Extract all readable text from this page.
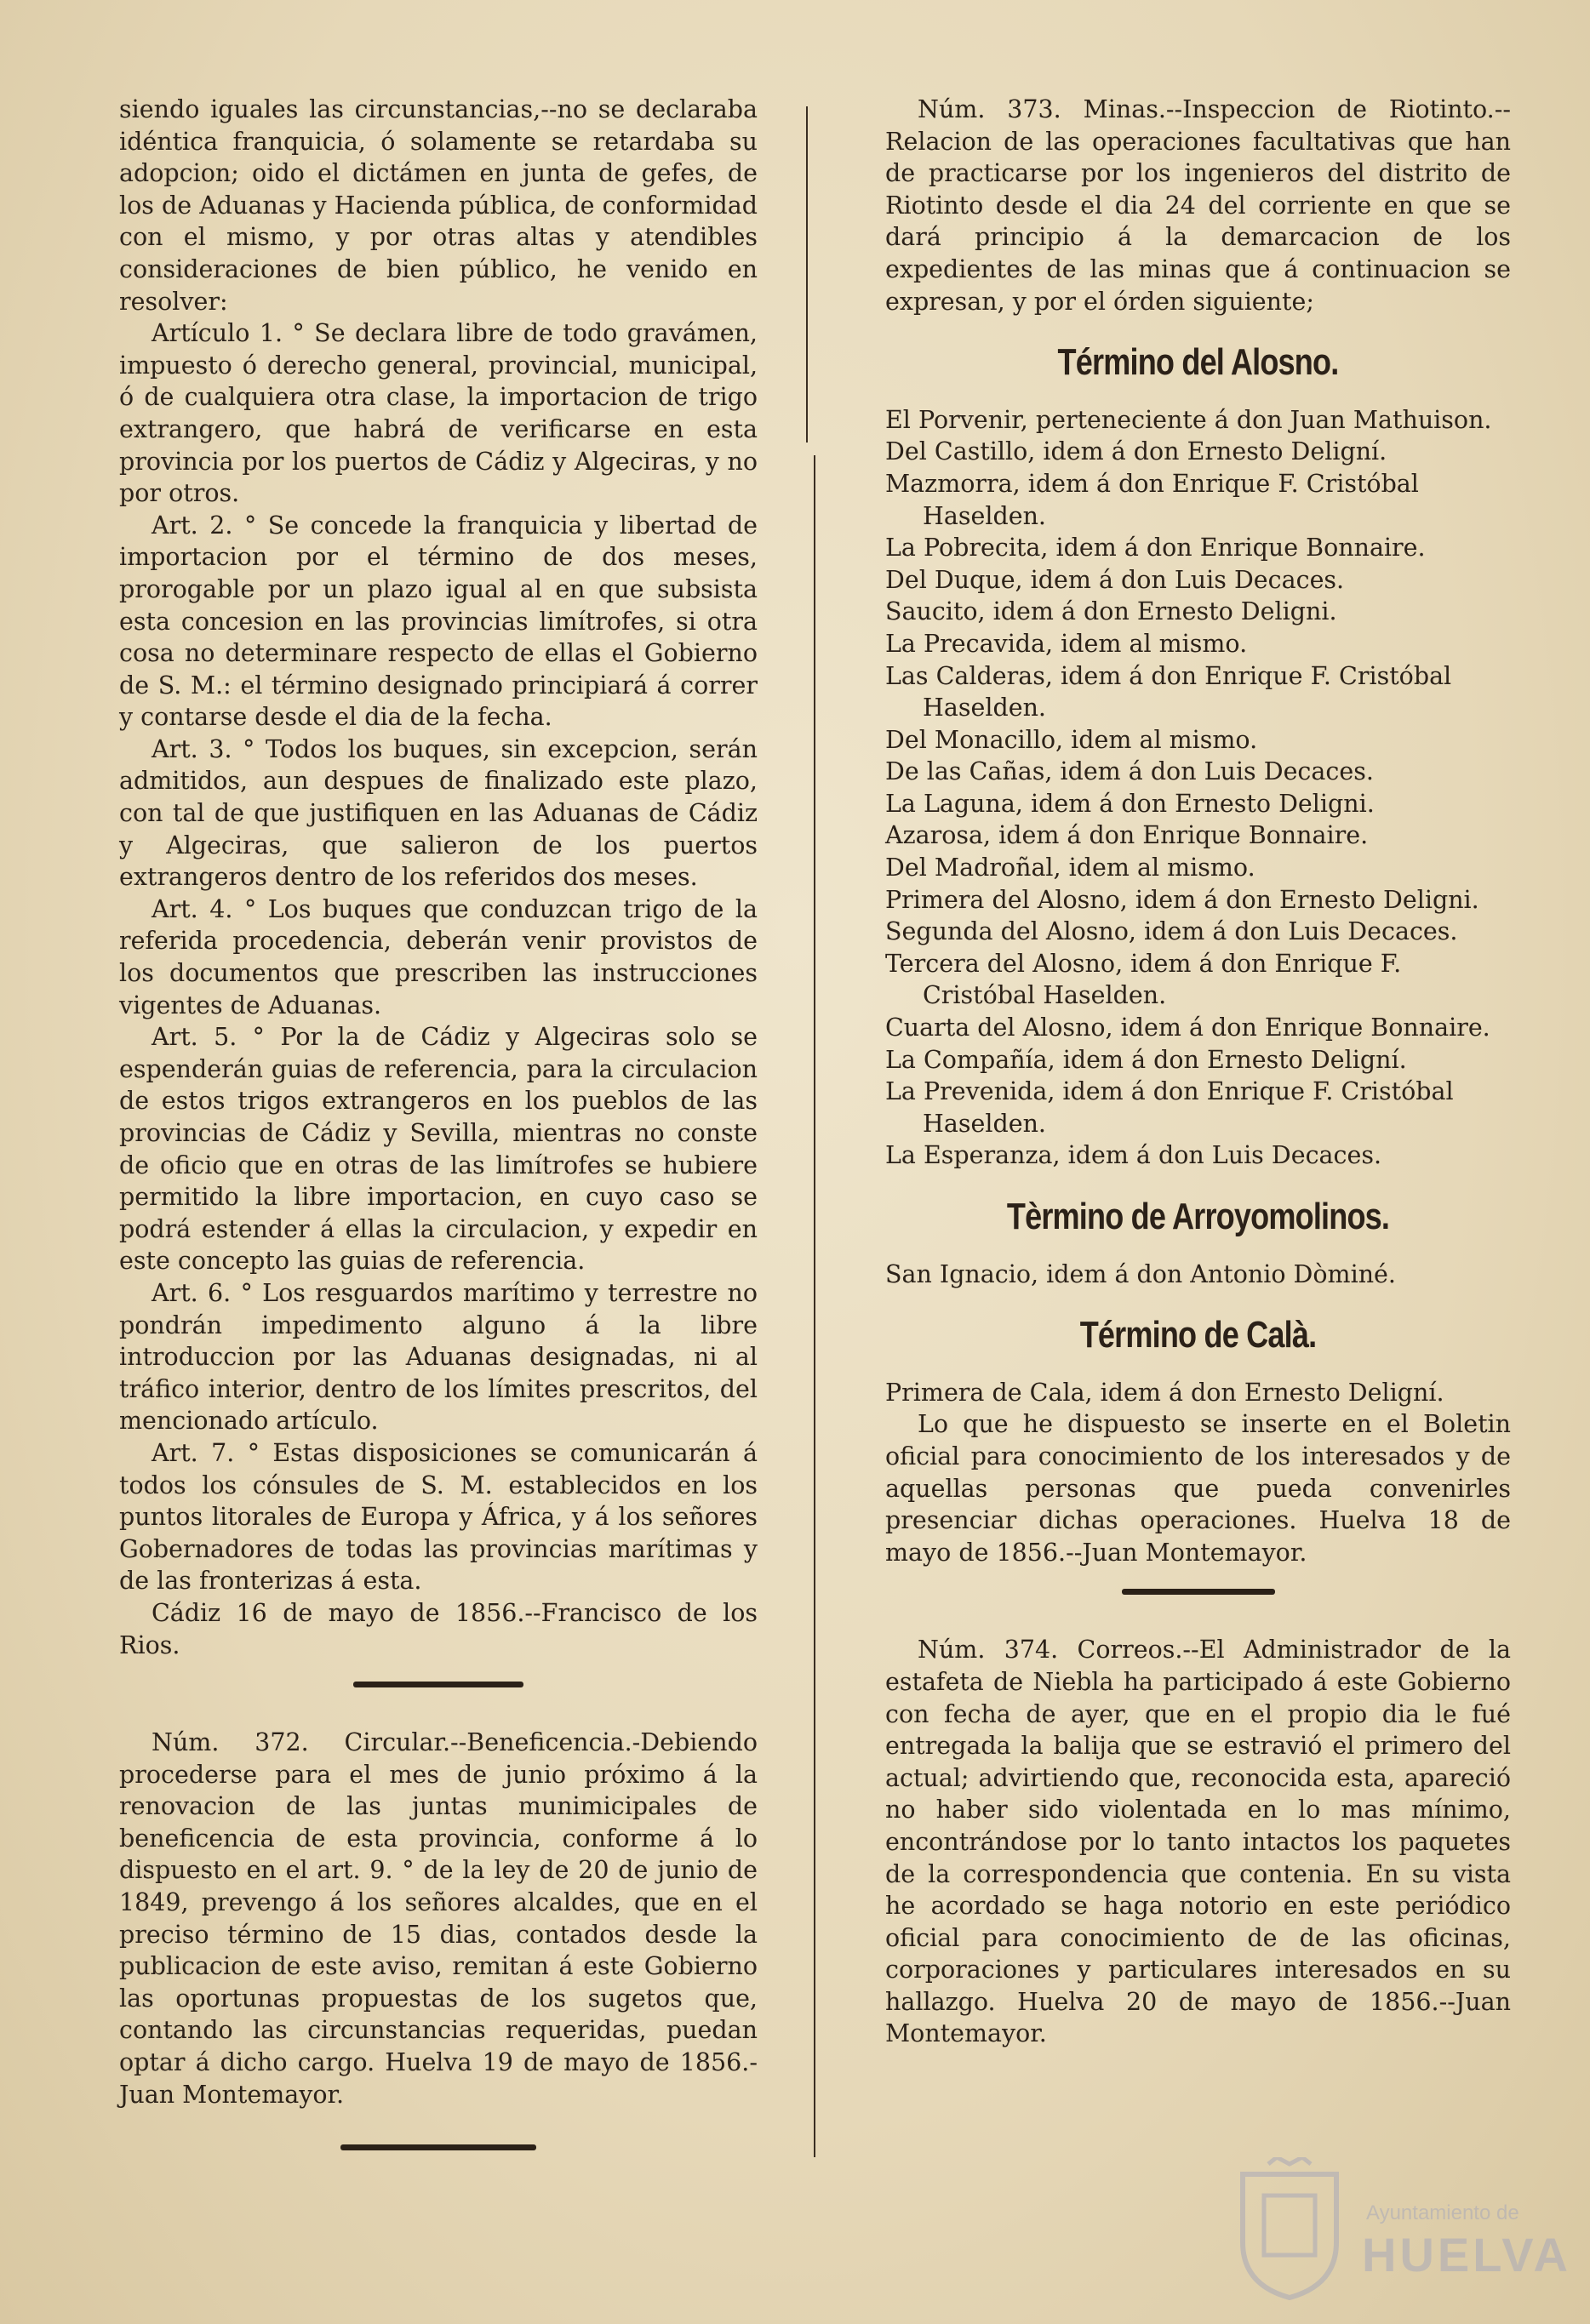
siendo iguales las circunstancias,--no se declaraba idéntica franquicia, ó solamente se retardaba su adopcion; oido el dictámen en junta de gefes, de los de Aduanas y Hacienda pública, de conformidad con el mismo, y por otras altas y atendibles consideraciones de bien público, he venido en resolver:

Artículo 1. ° Se declara libre de todo gravámen, impuesto ó derecho general, provincial, municipal, ó de cualquiera otra clase, la importacion de trigo extrangero, que habrá de verificarse en esta provincia por los puertos de Cádiz y Algeciras, y no por otros.

Art. 2. ° Se concede la franquicia y libertad de importacion por el término de dos meses, prorogable por un plazo igual al en que subsista esta concesion en las provincias limítrofes, si otra cosa no determinare respecto de ellas el Gobierno de S. M.: el término designado principiará á correr y contarse desde el dia de la fecha.

Art. 3. ° Todos los buques, sin excepcion, serán admitidos, aun despues de finalizado este plazo, con tal de que justifiquen en las Aduanas de Cádiz y Algeciras, que salieron de los puertos extrangeros dentro de los referidos dos meses.

Art. 4. ° Los buques que conduzcan trigo de la referida procedencia, deberán venir provistos de los documentos que prescriben las instrucciones vigentes de Aduanas.

Art. 5. ° Por la de Cádiz y Algeciras solo se espenderán guias de referencia, para la circulacion de estos trigos extrangeros en los pueblos de las provincias de Cádiz y Sevilla, mientras no conste de oficio que en otras de las limítrofes se hubiere permitido la libre importacion, en cuyo caso se podrá estender á ellas la circulacion, y expedir en este concepto las guias de referencia.

Art. 6. ° Los resguardos marítimo y terrestre no pondrán impedimento alguno á la libre introduccion por las Aduanas designadas, ni al tráfico interior, dentro de los límites prescritos, del mencionado artículo.

Art. 7. ° Estas disposiciones se comunicarán á todos los cónsules de S. M. establecidos en los puntos litorales de Europa y África, y á los señores Gobernadores de todas las provincias marítimas y de las fronterizas á esta.

Cádiz 16 de mayo de 1856.--Francisco de los Rios.

Núm. 372. Circular.--Beneficencia.-Debiendo procederse para el mes de junio próximo á la renovacion de las juntas munimicipales de beneficencia de esta provincia, conforme á lo dispuesto en el art. 9. ° de la ley de 20 de junio de 1849, prevengo á los señores alcaldes, que en el preciso término de 15 dias, contados desde la publicacion de este aviso, remitan á este Gobierno las oportunas propuestas de los sugetos que, contando las circunstancias requeridas, puedan optar á dicho cargo. Huelva 19 de mayo de 1856.-Juan Montemayor.

Núm. 373. Minas.--Inspeccion de Riotinto.--Relacion de las operaciones facultativas que han de practicarse por los ingenieros del distrito de Riotinto desde el dia 24 del corriente en que se dará principio á la demarcacion de los expedientes de las minas que á continuacion se expresan, y por el órden siguiente;

Término del Alosno.

El Porvenir, perteneciente á don Juan Mathuison.

Del Castillo, idem á don Ernesto Deligní.

Mazmorra, idem á don Enrique F. Cristóbal Haselden.

La Pobrecita, idem á don Enrique Bonnaire.

Del Duque, idem á don Luis Decaces.

Saucito, idem á don Ernesto Deligni.

La Precavida, idem al mismo.

Las Calderas, idem á don Enrique F. Cristóbal Haselden.

Del Monacillo, idem al mismo.

De las Cañas, idem á don Luis Decaces.

La Laguna, idem á don Ernesto Deligni.

Azarosa, idem á don Enrique Bonnaire.

Del Madroñal, idem al mismo.

Primera del Alosno, idem á don Ernesto Deligni.

Segunda del Alosno, idem á don Luis Decaces.

Tercera del Alosno, idem á don Enrique F. Cristóbal Haselden.

Cuarta del Alosno, idem á don Enrique Bonnaire.

La Compañía, idem á don Ernesto Deligní.

La Prevenida, idem á don Enrique F. Cristóbal Haselden.

La Esperanza, idem á don Luis Decaces.

Tèrmino de Arroyomolinos.

San Ignacio, idem á don Antonio Dòminé.

Término de Calà.

Primera de Cala, idem á don Ernesto Deligní.

Lo que he dispuesto se inserte en el Boletin oficial para conocimiento de los interesados y de aquellas personas que pueda convenirles presenciar dichas operaciones. Huelva 18 de mayo de 1856.--Juan Montemayor.

Núm. 374. Correos.--El Administrador de la estafeta de Niebla ha participado á este Gobierno con fecha de ayer, que en el propio dia le fué entregada la balija que se estravió el primero del actual; advirtiendo que, reconocida esta, apareció no haber sido violentada en lo mas mínimo, encontrándose por lo tanto intactos los paquetes de la correspondencia que contenia. En su vista he acordado se haga notorio en este periódico oficial para conocimiento de de las oficinas, corporaciones y particulares interesados en su hallazgo. Huelva 20 de mayo de 1856.--Juan Montemayor.

Ayuntamiento de
HUELVA
